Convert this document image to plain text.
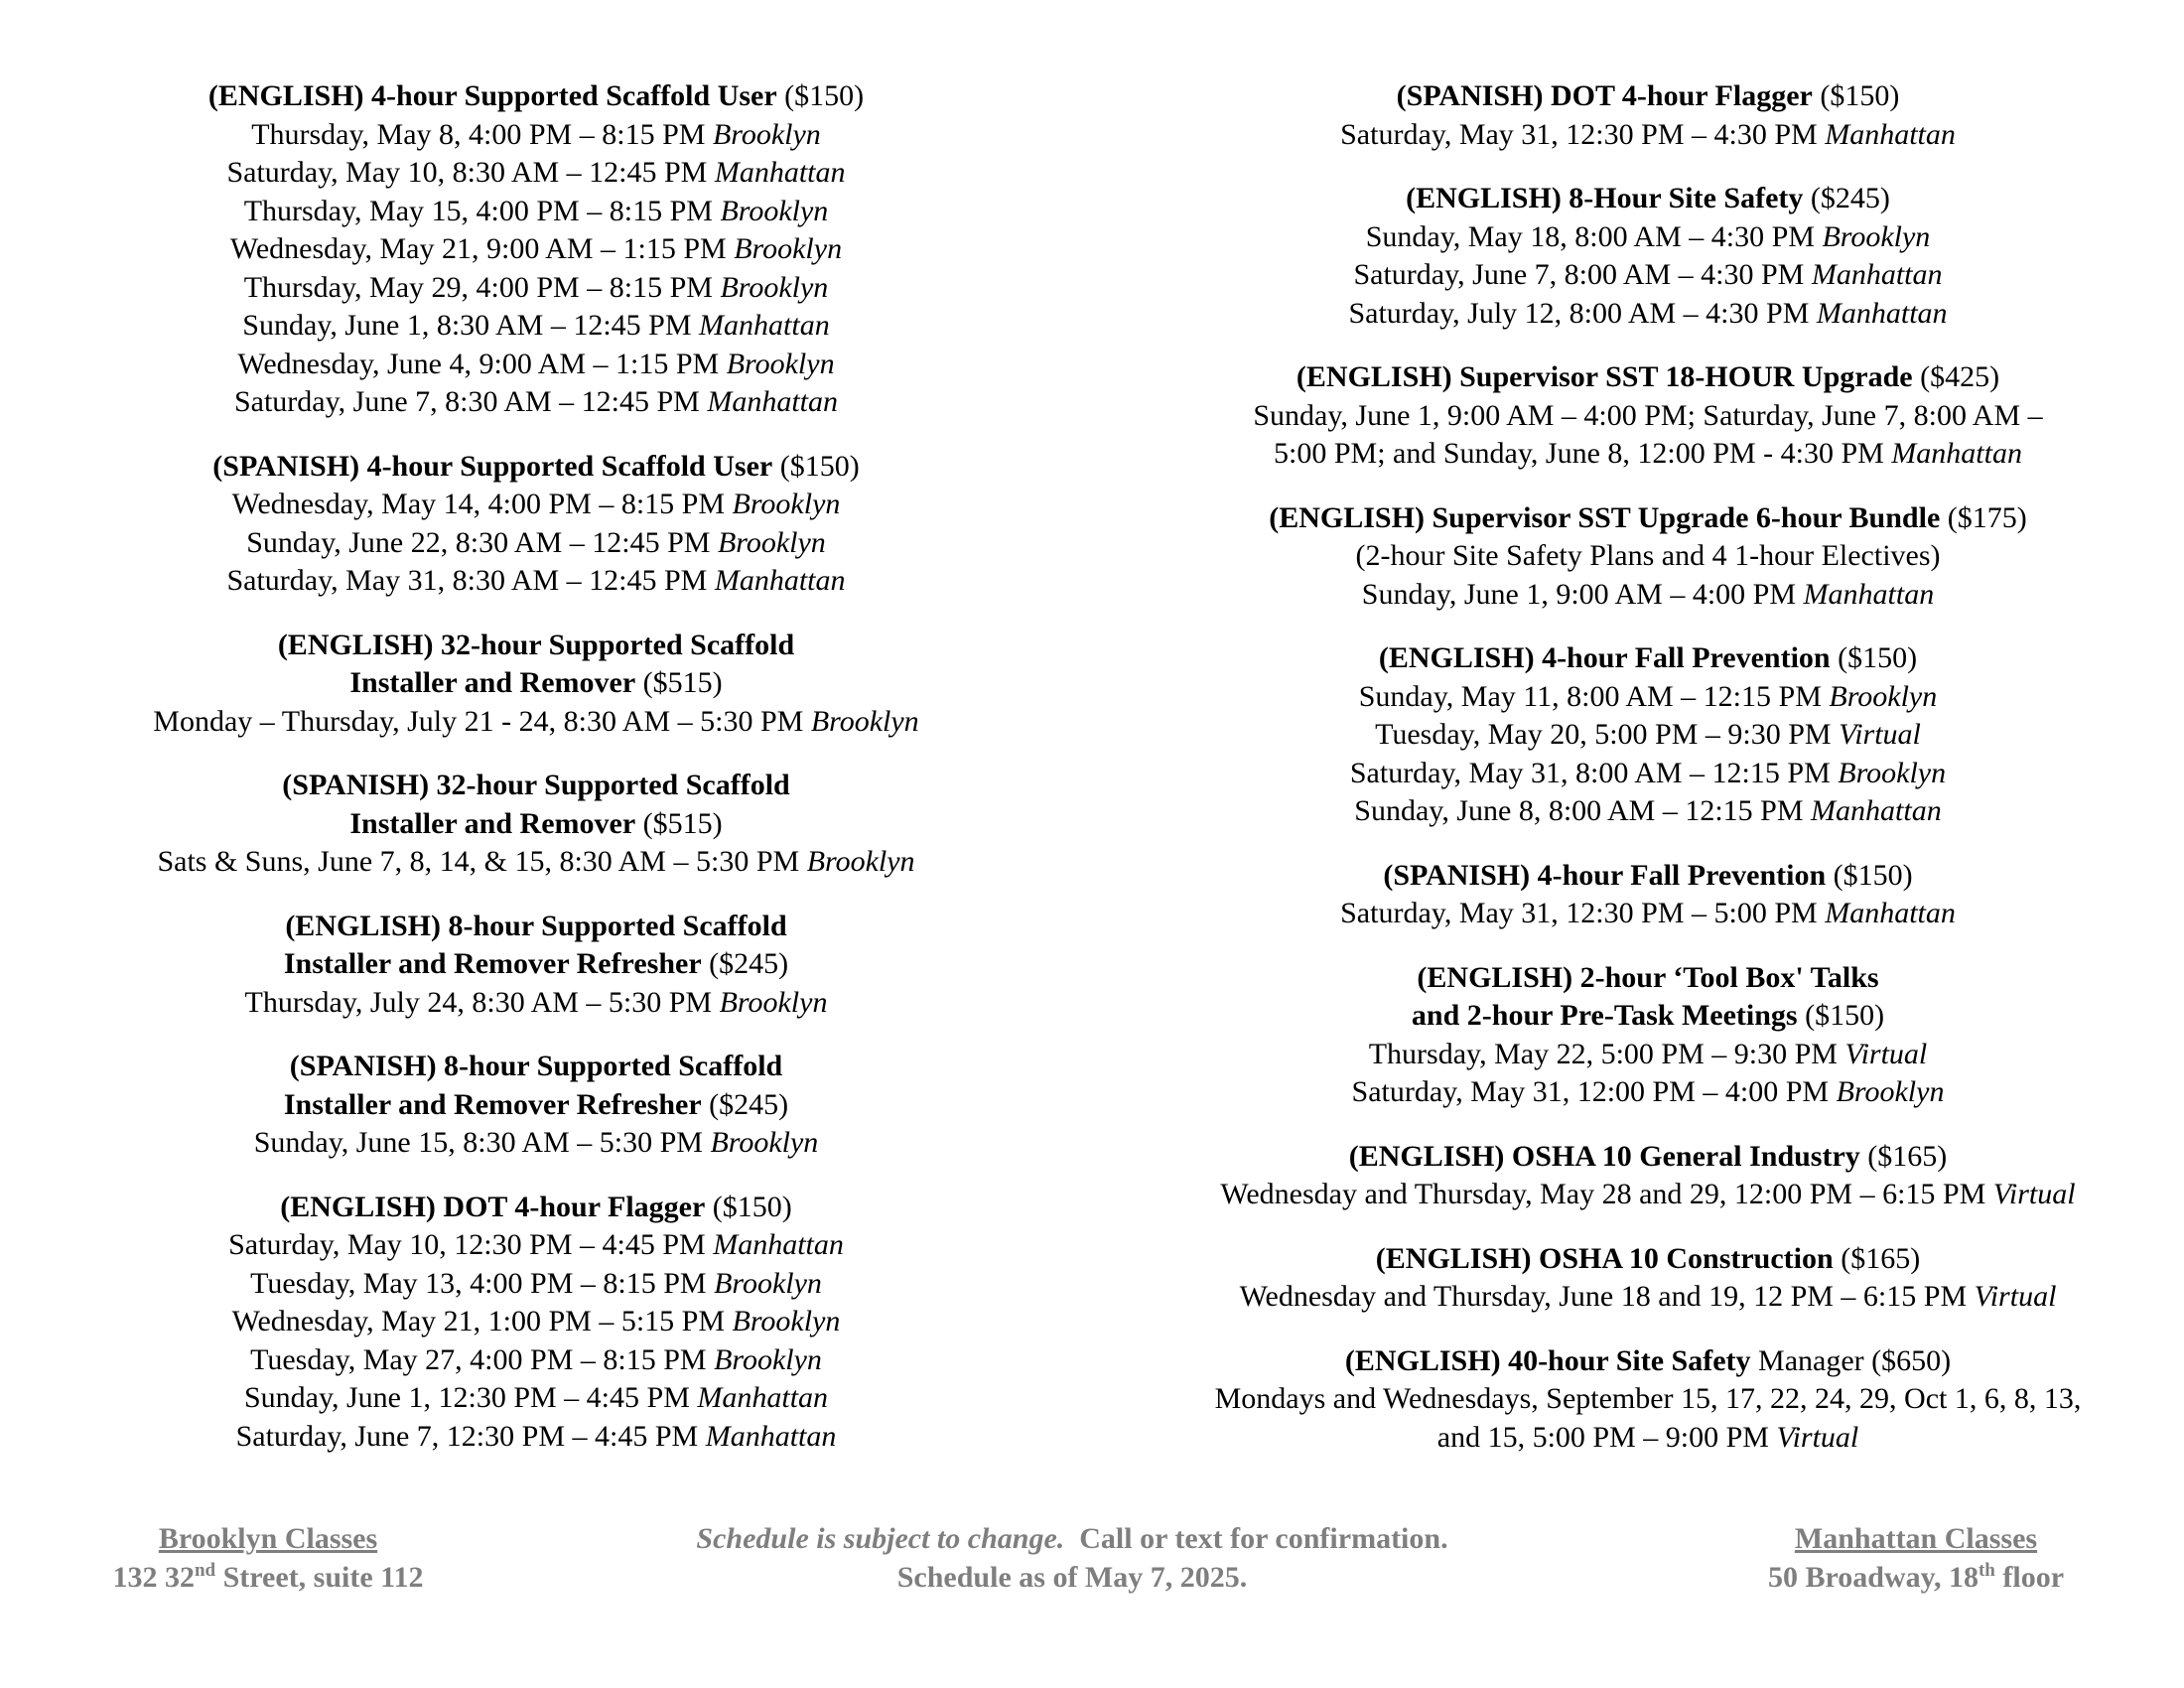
(ENGLISH) 4-hour Supported Scaffold User ($150)
Thursday, May 8, 4:00 PM – 8:15 PM Brooklyn
Saturday, May 10, 8:30 AM – 12:45 PM Manhattan
Thursday, May 15, 4:00 PM – 8:15 PM Brooklyn
Wednesday, May 21, 9:00 AM – 1:15 PM Brooklyn
Thursday, May 29, 4:00 PM – 8:15 PM Brooklyn
Sunday, June 1, 8:30 AM – 12:45 PM Manhattan
Wednesday, June 4, 9:00 AM – 1:15 PM Brooklyn
Saturday, June 7, 8:30 AM – 12:45 PM Manhattan
(SPANISH) 4-hour Supported Scaffold User ($150)
Wednesday, May 14, 4:00 PM – 8:15 PM Brooklyn
Sunday, June 22, 8:30 AM – 12:45 PM Brooklyn
Saturday, May 31, 8:30 AM – 12:45 PM Manhattan
(ENGLISH) 32-hour Supported Scaffold
Installer and Remover ($515)
Monday – Thursday, July 21 - 24, 8:30 AM – 5:30 PM Brooklyn
(SPANISH) 32-hour Supported Scaffold
Installer and Remover ($515)
Sats & Suns, June 7, 8, 14, & 15, 8:30 AM – 5:30 PM Brooklyn
(ENGLISH) 8-hour Supported Scaffold
Installer and Remover Refresher ($245)
Thursday, July 24, 8:30 AM – 5:30 PM Brooklyn
(SPANISH) 8-hour Supported Scaffold
Installer and Remover Refresher ($245)
Sunday, June 15, 8:30 AM – 5:30 PM Brooklyn
(ENGLISH) DOT 4-hour Flagger ($150)
Saturday, May 10, 12:30 PM – 4:45 PM Manhattan
Tuesday, May 13, 4:00 PM – 8:15 PM Brooklyn
Wednesday, May 21, 1:00 PM – 5:15 PM Brooklyn
Tuesday, May 27, 4:00 PM – 8:15 PM Brooklyn
Sunday, June 1, 12:30 PM – 4:45 PM Manhattan
Saturday, June 7, 12:30 PM – 4:45 PM Manhattan
(SPANISH) DOT 4-hour Flagger ($150)
Saturday, May 31, 12:30 PM – 4:30 PM Manhattan
(ENGLISH) 8-Hour Site Safety ($245)
Sunday, May 18, 8:00 AM – 4:30 PM Brooklyn
Saturday, June 7, 8:00 AM – 4:30 PM Manhattan
Saturday, July 12, 8:00 AM – 4:30 PM Manhattan
(ENGLISH) Supervisor SST 18-HOUR Upgrade ($425)
Sunday, June 1, 9:00 AM – 4:00 PM; Saturday, June 7, 8:00 AM –
5:00 PM; and Sunday, June 8, 12:00 PM - 4:30 PM Manhattan
(ENGLISH) Supervisor SST Upgrade 6-hour Bundle ($175)
(2-hour Site Safety Plans and 4 1-hour Electives)
Sunday, June 1, 9:00 AM – 4:00 PM Manhattan
(ENGLISH) 4-hour Fall Prevention ($150)
Sunday, May 11, 8:00 AM – 12:15 PM Brooklyn
Tuesday, May 20, 5:00 PM – 9:30 PM Virtual
Saturday, May 31, 8:00 AM – 12:15 PM Brooklyn
Sunday, June 8, 8:00 AM – 12:15 PM Manhattan
(SPANISH) 4-hour Fall Prevention ($150)
Saturday, May 31, 12:30 PM – 5:00 PM Manhattan
(ENGLISH) 2-hour ‘Tool Box' Talks
and 2-hour Pre-Task Meetings ($150)
Thursday, May 22, 5:00 PM – 9:30 PM Virtual
Saturday, May 31, 12:00 PM – 4:00 PM Brooklyn
(ENGLISH) OSHA 10 General Industry ($165)
Wednesday and Thursday, May 28 and 29, 12:00 PM – 6:15 PM Virtual
(ENGLISH) OSHA 10 Construction ($165)
Wednesday and Thursday, June 18 and 19, 12 PM – 6:15 PM Virtual
(ENGLISH) 40-hour Site Safety Manager ($650)
Mondays and Wednesdays, September 15, 17, 22, 24, 29, Oct 1, 6, 8, 13,
and 15, 5:00 PM – 9:00 PM Virtual
Brooklyn Classes
132 32nd Street, suite 112
Schedule is subject to change.  Call or text for confirmation.
Schedule as of May 7, 2025.
Manhattan Classes
50 Broadway, 18th floor
